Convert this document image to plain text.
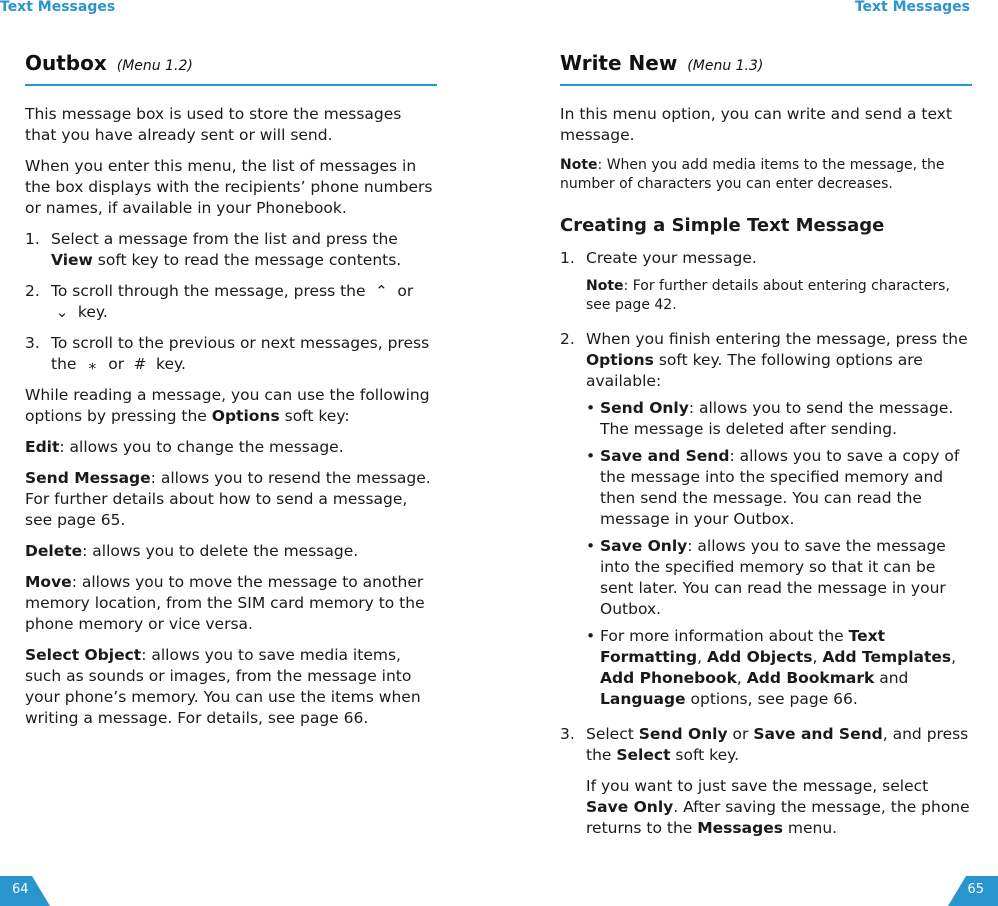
Text Messages
Outbox (Menu 1.2)

This message box is used to store the messages that you have already sent or will send.

When you enter this menu, the list of messages in the box displays with the recipients’ phone numbers or names, if available in your Phonebook.

1. Select a message from the list and press the View soft key to read the message contents.
2. To scroll through the message, press the ⌃ or ⌄ key.
3. To scroll to the previous or next messages, press the ⁎ or # key.

While reading a message, you can use the following options by pressing the Options soft key:

Edit: allows you to change the message.

Send Message: allows you to resend the message. For further details about how to send a message, see page 65.

Delete: allows you to delete the message.

Move: allows you to move the message to another memory location, from the SIM card memory to the phone memory or vice versa.

Select Object: allows you to save media items, such as sounds or images, from the message into your phone’s memory. You can use the items when writing a message. For details, see page 66.

64
Text Messages
Write New (Menu 1.3)

In this menu option, you can write and send a text message.

Note: When you add media items to the message, the number of characters you can enter decreases.

Creating a Simple Text Message
1. Create your message.

Note: For further details about entering characters, see page 42.

2. When you finish entering the message, press the Options soft key. The following options are available:
• Send Only: allows you to send the message. The message is deleted after sending.
• Save and Send: allows you to save a copy of the message into the specified memory and then send the message. You can read the message in your Outbox.
• Save Only: allows you to save the message into the specified memory so that it can be sent later. You can read the message in your Outbox.
• For more information about the Text Formatting, Add Objects, Add Templates, Add Phonebook, Add Bookmark and Language options, see page 66.
3. Select Send Only or Save and Send, and press the Select soft key.

If you want to just save the message, select Save Only. After saving the message, the phone returns to the Messages menu.

65
